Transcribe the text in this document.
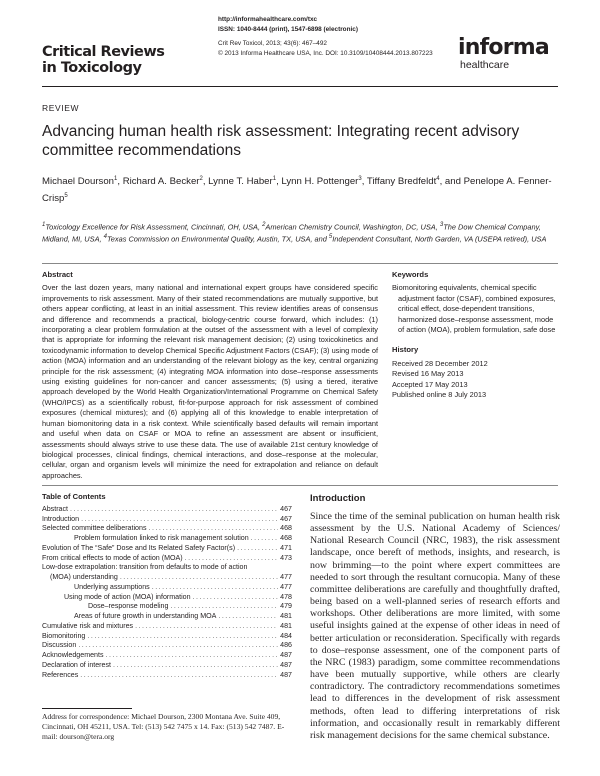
Critical Reviews
in Toxicology
http://informahealthcare.com/txc
ISSN: 1040-8444 (print), 1547-6898 (electronic)
Crit Rev Toxicol, 2013; 43(6): 467–492
© 2013 Informa Healthcare USA, Inc. DOI: 10.3109/10408444.2013.807223 informa
healthcare
REVIEW
Advancing human health risk assessment: Integrating recent advisory committee recommendations
Michael Dourson$^1$, Richard A. Becker$^2$, Lynne T. Haber$^1$, Lynn H. Pottenger$^3$, Tiffany Bredfeldt$^4$, and Penelope A. Fenner-Crisp$^5$
$^1$Toxicology Excellence for Risk Assessment, Cincinnati, OH, USA, $^2$American Chemistry Council, Washington, DC, USA, $^3$The Dow Chemical Company, Midland, MI, USA, $^4$Texas Commission on Environmental Quality, Austin, TX, USA, and $^5$Independent Consultant, North Garden, VA (USEPA retired), USA
Abstract

Over the last dozen years, many national and international expert groups have considered specific improvements to risk assessment. Many of their stated recommendations are mutually supportive, but others appear conflicting, at least in an initial assessment. This review identifies areas of consensus and difference and recommends a practical, biology-centric course forward, which includes: (1) incorporating a clear problem formulation at the outset of the assessment with a level of complexity that is appropriate for informing the relevant risk management decision; (2) using toxicokinetics and toxicodynamic information to develop Chemical Specific Adjustment Factors (CSAF); (3) using mode of action (MOA) information and an understanding of the relevant biology as the key, central organizing principle for the risk assessment; (4) integrating MOA information into dose–response assessments using existing guidelines for non-cancer and cancer assessments; (5) using a tiered, iterative approach developed by the World Health Organization/International Programme on Chemical Safety (WHO/IPCS) as a scientifically robust, fit-for-purpose approach for risk assessment of combined exposures (chemical mixtures); and (6) applying all of this knowledge to enable interpretation of human biomonitoring data in a risk context. While scientifically based defaults will remain important and useful when data on CSAF or MOA to refine an assessment are absent or insufficient, assessments should always strive to use these data. The use of available 21st century knowledge of biological processes, clinical findings, chemical interactions, and dose–response at the molecular, cellular, organ and organism levels will minimize the need for extrapolation and reliance on default approaches.

Keywords
Biomonitoring equivalents, chemical specific adjustment factor (CSAF), combined exposures, critical effect, dose-dependent transitions, harmonized dose–response assessment, mode of action (MOA), problem formulation, safe dose
History
Received 28 December 2012
Revised 16 May 2013
Accepted 17 May 2013
Published online 8 July 2013
Table of Contents
Abstract .....	467
Introduction .....	467
Selected committee deliberations .....	468
Problem formulation linked to risk management solution .....	468
Evolution of The “Safe” Dose and Its Related Safety Factor(s) .....	471
From critical effects to mode of action (MOA) .....	473
Low-dose extrapolation: transition from defaults to mode of action
(MOA) understanding .....	477
Underlying assumptions .....	477
Using mode of action (MOA) information .....	478
Dose–response modeling .....	479
Areas of future growth in understanding MOA .....	481
Cumulative risk and mixtures .....	481
Biomonitoring .....	484
Discussion .....	486
Acknowledgements .....	487
Declaration of interest .....	487
References .....	487
Address for correspondence: Michael Dourson, 2300 Montana Ave. Suite 409, Cincinnati, OH 45211, USA. Tel: (513) 542 7475 x 14. Fax: (513) 542 7487. E-mail: dourson@tera.org
Introduction

Since the time of the seminal publication on human health risk assessment by the U.S. National Academy of Sciences/ National Research Council (NRC, 1983), the risk assessment landscape, once bereft of methods, insights, and research, is now brimming—to the point where expert committees are needed to sort through the resultant cornucopia. Many of these committee deliberations are carefully and thoughtfully drafted, being based on a well-planned series of research efforts and workshops. Other deliberations are more limited, with some useful insights gained at the expense of other ideas in need of better articulation or reconsideration. Specifically with regards to dose–response assessment, one of the component parts of the NRC (1983) paradigm, some committee recommendations have been mutually supportive, while others are clearly contradictory. The contradictory recommendations sometimes lead to differences in the development of risk assessment methods, often lead to differing interpretations of risk information, and occasionally result in remarkably different risk management decisions for the same chemical substance.
